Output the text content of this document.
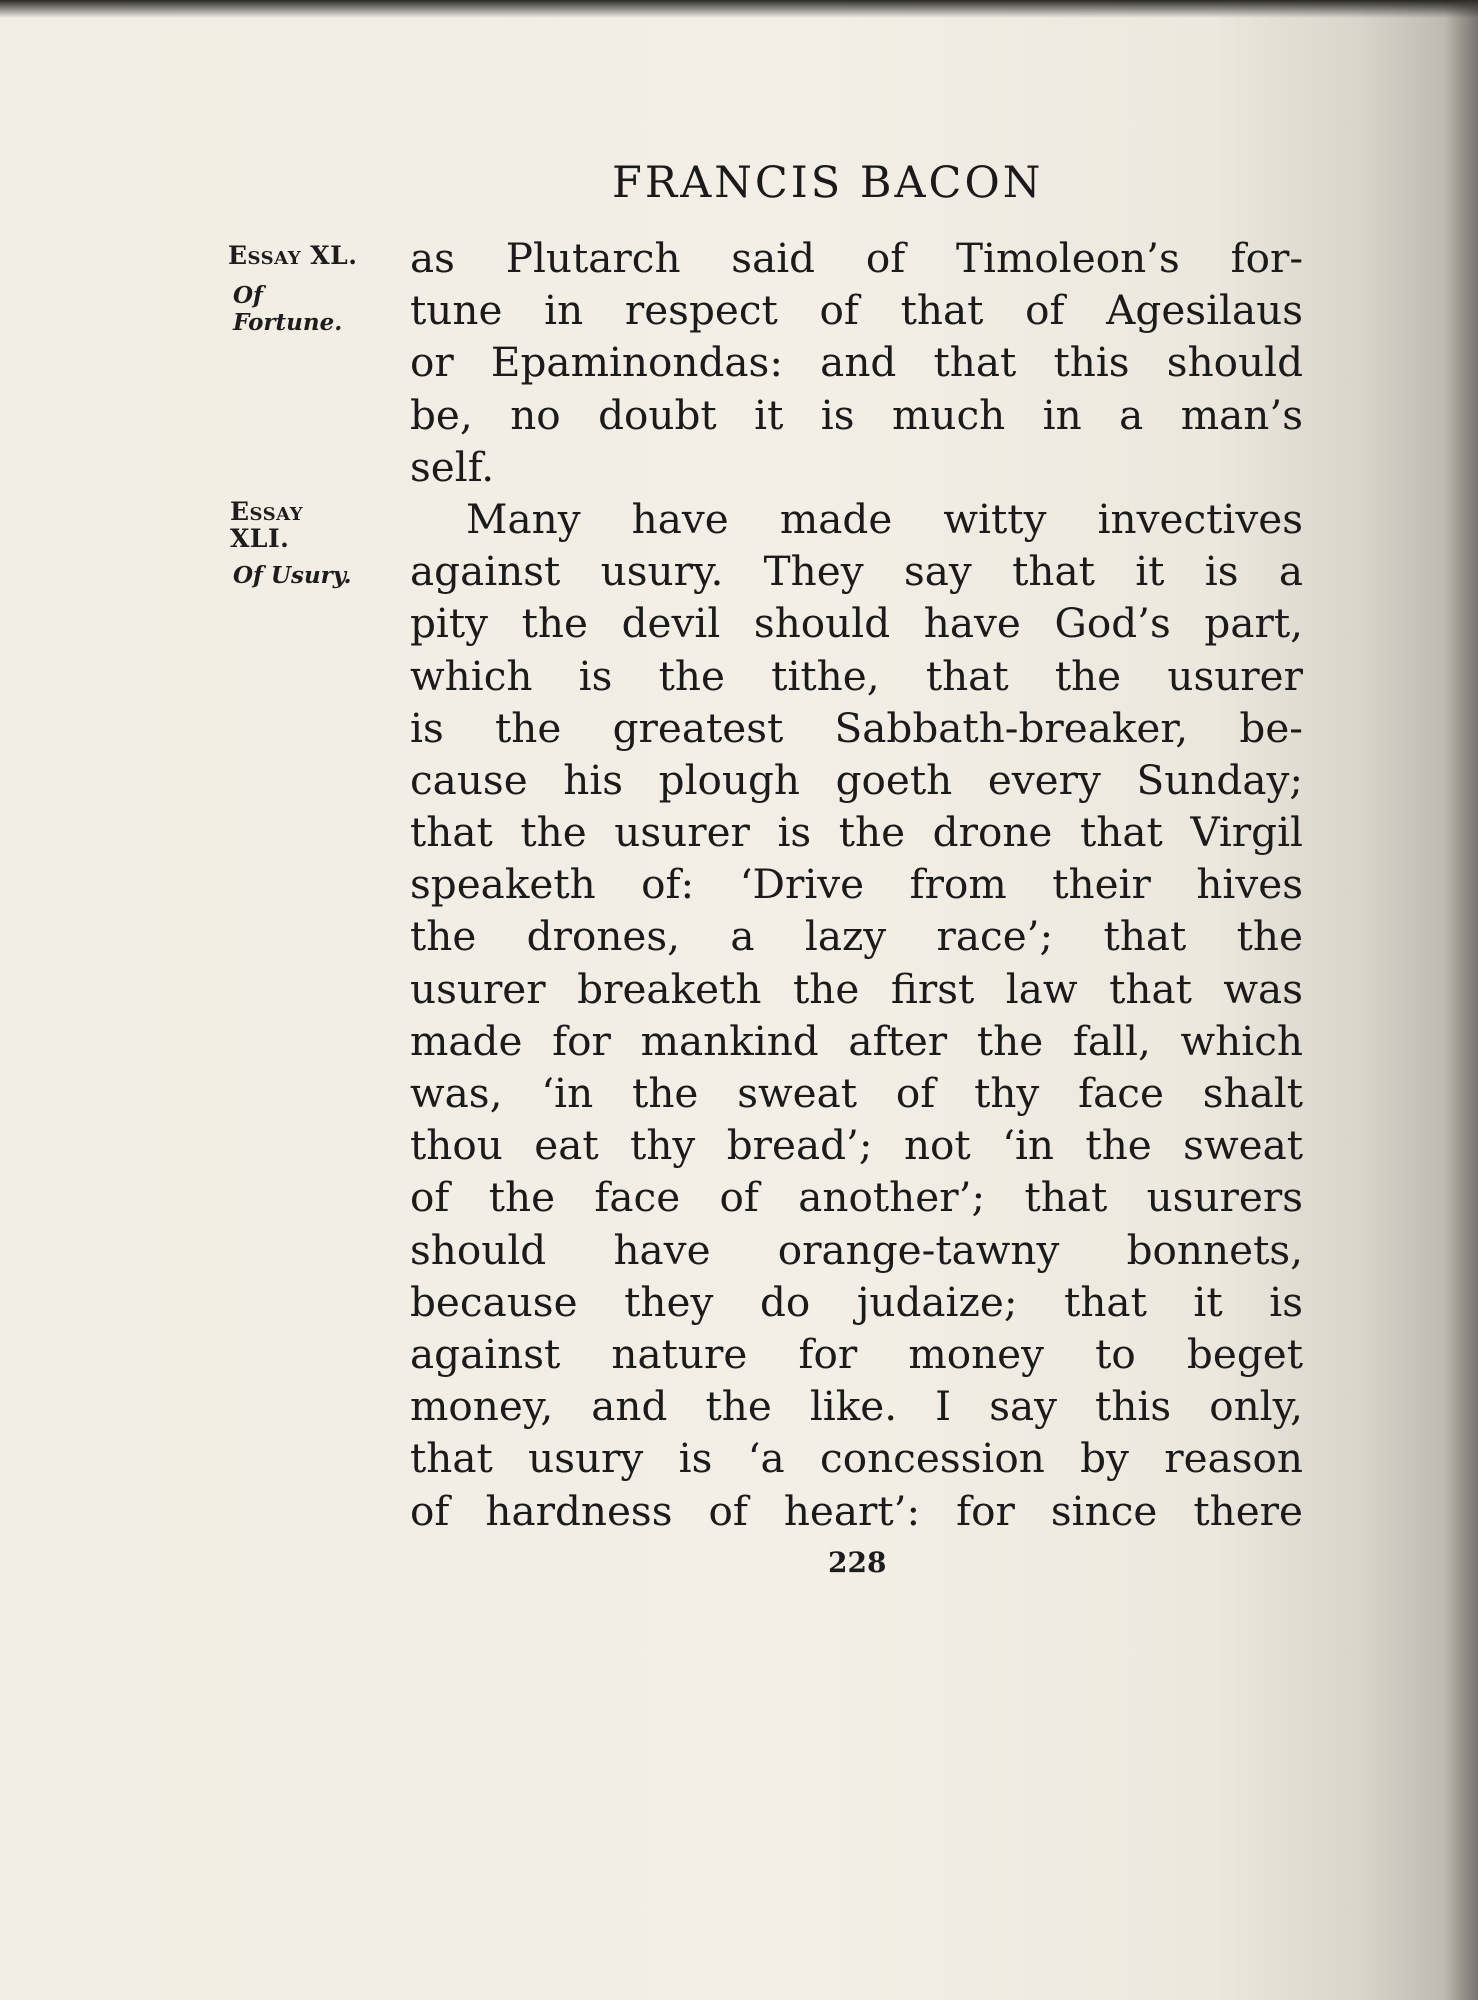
FRANCIS BACON
Essay XL.
Of
Fortune.
Essay
XLI.
Of Usury.
as Plutarch said of Timoleon’s for-
tune in respect of that of Agesilaus
or Epaminondas: and that this should
be, no doubt it is much in a man’s
self.
Many have made witty invectives
against usury. They say that it is a
pity the devil should have God’s part,
which is the tithe, that the usurer
is the greatest Sabbath-breaker, be-
cause his plough goeth every Sunday;
that the usurer is the drone that Virgil
speaketh of: ‘Drive from their hives
the drones, a lazy race’; that the
usurer breaketh the first law that was
made for mankind after the fall, which
was, ‘in the sweat of thy face shalt
thou eat thy bread’; not ‘in the sweat
of the face of another’; that usurers
should have orange-tawny bonnets,
because they do judaize; that it is
against nature for money to beget
money, and the like. I say this only,
that usury is ‘a concession by reason
of hardness of heart’: for since there
228
